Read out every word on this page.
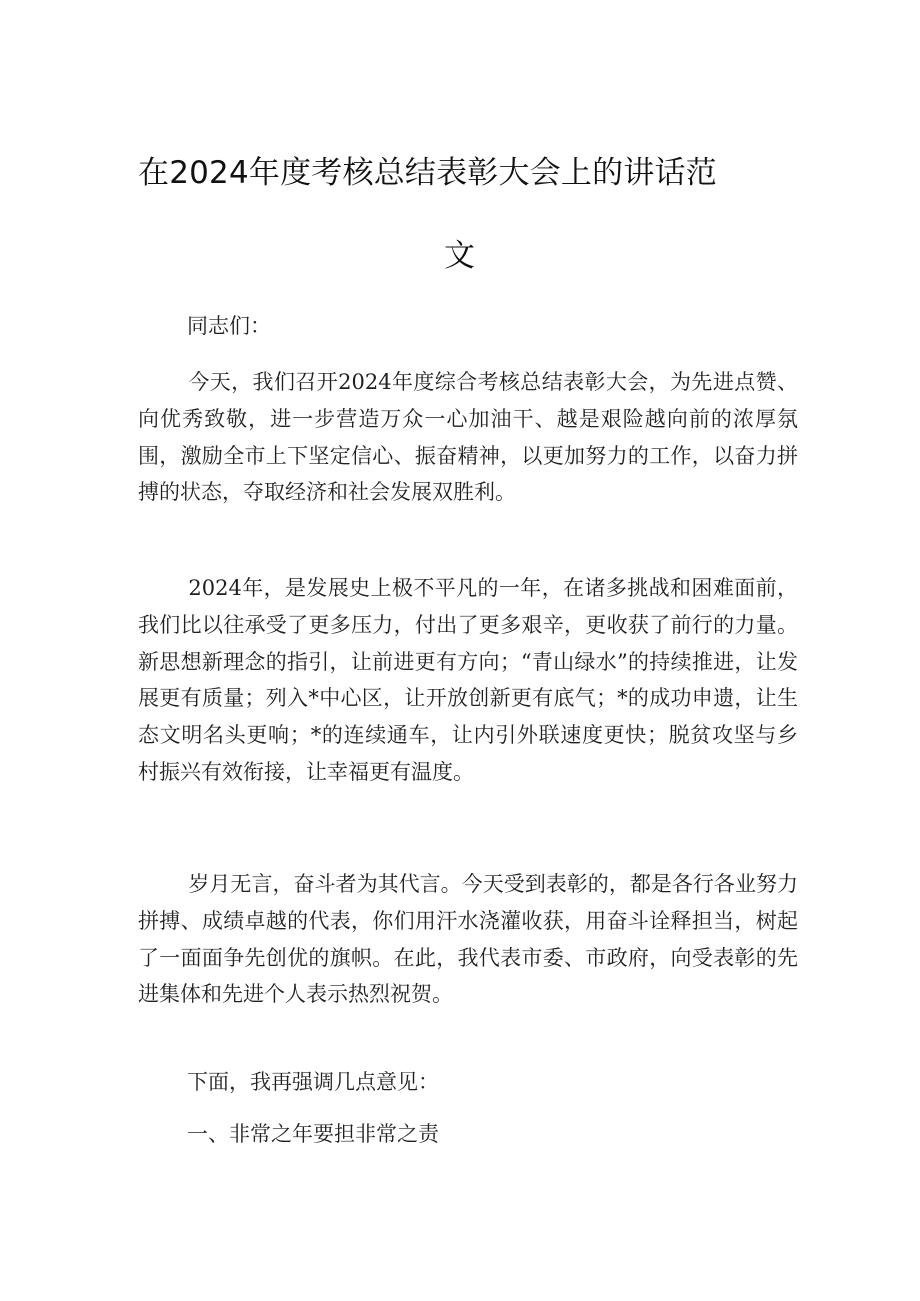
在2024年度考核总结表彰大会上的讲话范
文

同志们：

今天，我们召开2024年度综合考核总结表彰大会，为先进点赞、向优秀致敬，进一步营造万众一心加油干、越是艰险越向前的浓厚氛围，激励全市上下坚定信心、振奋精神，以更加努力的工作，以奋力拼搏的状态，夺取经济和社会发展双胜利。

2024年，是发展史上极不平凡的一年，在诸多挑战和困难面前，我们比以往承受了更多压力，付出了更多艰辛，更收获了前行的力量。新思想新理念的指引，让前进更有方向；“青山绿水”的持续推进，让发展更有质量；列入*中心区，让开放创新更有底气；*的成功申遗，让生态文明名头更响；*的连续通车，让内引外联速度更快；脱贫攻坚与乡村振兴有效衔接，让幸福更有温度。

岁月无言，奋斗者为其代言。今天受到表彰的，都是各行各业努力拼搏、成绩卓越的代表，你们用汗水浇灌收获，用奋斗诠释担当，树起了一面面争先创优的旗帜。在此，我代表市委、市政府，向受表彰的先进集体和先进个人表示热烈祝贺。

下面，我再强调几点意见：

一、非常之年要担非常之责
